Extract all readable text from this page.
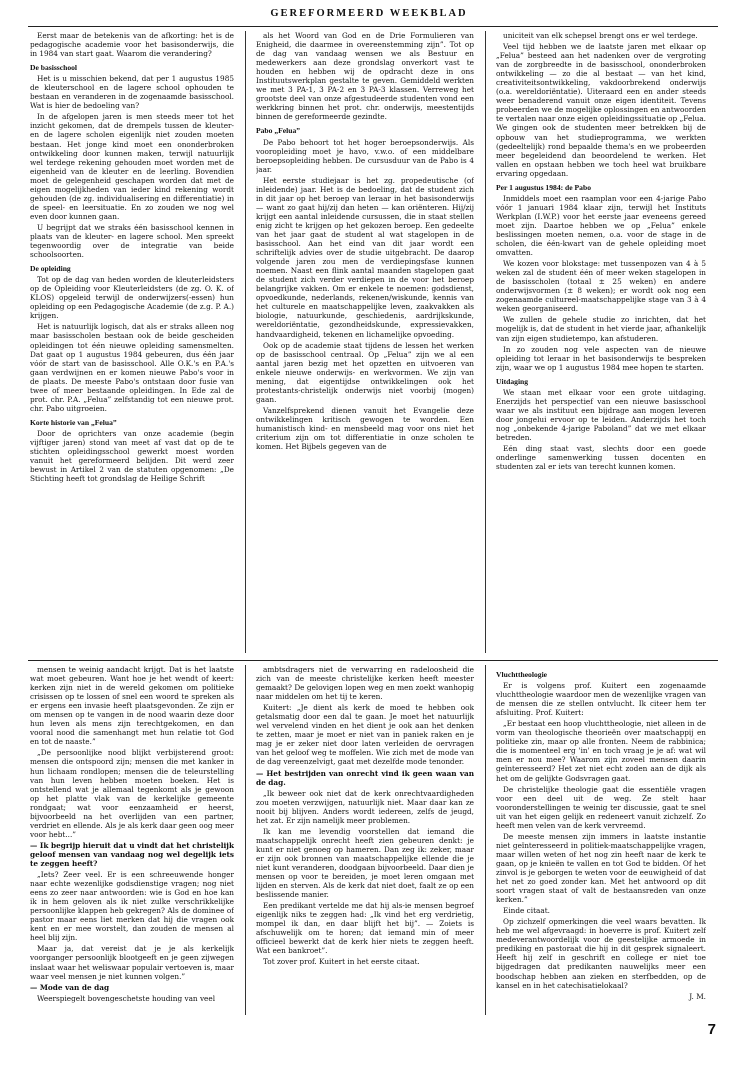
GEREFORMEERD WEEKBLAD

Eerst maar de betekenis van de afkorting: het is de pedagogische academie voor het basisonderwijs, die in 1984 van start gaat. Waarom die verandering?

De basisschool

Het is u misschien bekend, dat per 1 augustus 1985 de kleuterschool en de lagere school ophouden te bestaan en veranderen in de zogenaamde basisschool. Wat is hier de bedoeling van?

In de afgelopen jaren is men steeds meer tot het inzicht gekomen, dat de drempels tussen de kleuter- en de lagere scholen eigenlijk niet zouden moeten bestaan. Het jonge kind moet een ononderbroken ontwikkeling door kunnen maken, terwijl natuurlijk wel terdege rekening gehouden moet worden met de eigenheid van de kleuter en de leerling. Bovendien moet de gelegenheid geschapen worden dat met de eigen mogelijkheden van ieder kind rekening wordt gehouden (de zg. individualisering en differentiatie) in de speel- en leersituatie. En zo zouden we nog wel even door kunnen gaan.

U begrijpt dat we straks één basisschool kennen in plaats van de kleuter- en lagere school. Men spreekt tegenwoordig over de integratie van beide schoolsoorten.

De opleiding

Tot op de dag van heden worden de kleuterleidsters op de Opleiding voor Kleuterleidsters (de zg. O. K. of KLOS) opgeleid terwijl de onderwijzers(-essen) hun opleiding op een Pedagogische Academie (de z.g. P. A.) krijgen.

Het is natuurlijk logisch, dat als er straks alleen nog maar basisscholen bestaan ook de beide gescheiden opleidingen tot één nieuwe opleiding samensmelten. Dat gaat op 1 augustus 1984 gebeuren, dus één jaar vóór de start van de basisschool. Alle O.K.'s en P.A.'s gaan verdwijnen en er komen nieuwe Pabo's voor in de plaats. De meeste Pabo's ontstaan door fusie van twee of meer bestaande opleidingen. In Ede zal de prot. chr. P.A. „Felua” zelfstandig tot een nieuwe prot. chr. Pabo uitgroeien.

Korte historie van „Felua”

Door de oprichters van onze academie (begin vijftiger jaren) stond van meet af vast dat op de te stichten opleidingsschool gewerkt moest worden vanuit het gereformeerd belijden. Dit werd zeer bewust in Artikel 2 van de statuten opgenomen: „De Stichting heeft tot grondslag de Heilige Schrift

als het Woord van God en de Drie Formulieren van Enigheid, die daarmee in overeenstemming zijn”. Tot op de dag van vandaag wensen we als Bestuur en medewerkers aan deze grondslag onverkort vast te houden en hebben wij de opdracht deze in ons Instituutswerkplan gestalte te geven. Gemiddeld werkten we met 3 PA-1, 3 PA-2 en 3 PA-3 klassen. Verreweg het grootste deel van onze afgestudeerde studenten vond een werkkring binnen het prot. chr. onderwijs, meestentijds binnen de gereformeerde gezindte.

Pabo „Felua”

De Pabo behoort tot het hoger beroepsonderwijs. Als vooropleiding moet je havo, v.w.o. of een middelbare beroepsopleiding hebben. De cursusduur van de Pabo is 4 jaar.

Het eerste studiejaar is het zg. propedeutische (of inleidende) jaar. Het is de bedoeling, dat de student zich in dit jaar op het beroep van leraar in het basisonderwijs — want zo gaat hij/zij dan heten — kan oriënteren. Hij/zij krijgt een aantal inleidende cursussen, die in staat stellen enig zicht te krijgen op het gekozen beroep. Een gedeelte van het jaar gaat de student al wat stagelopen in de basisschool. Aan het eind van dit jaar wordt een schriftelijk advies over de studie uitgebracht. De daarop volgende jaren zou men de verdiepingsfase kunnen noemen. Naast een flink aantal maanden stagelopen gaat de student zich verder verdiepen in de voor het beroep belangrijke vakken. Om er enkele te noemen: godsdienst, opvoedkunde, nederlands, rekenen/wiskunde, kennis van het culturele en maatschappelijke leven, zaakvakken als biologie, natuurkunde, geschiedenis, aardrijkskunde, wereldoriëntatie, gezondheidskunde, expressievakken, handvaardigheid, tekenen en lichamelijke opvoeding.

Ook op de academie staat tijdens de lessen het werken op de basisschool centraal. Op „Felua” zijn we al een aantal jaren bezig met het opzetten en uitvoeren van enkele nieuwe onderwijs- en werkvormen. We zijn van mening, dat eigentijdse ontwikkelingen ook het protestants-christelijk onderwijs niet voorbij (mogen) gaan.

Vanzelfsprekend dienen vanuit het Evangelie deze ontwikkelingen kritisch gewogen te worden. Een humanistisch kind- en mensbeeld mag voor ons niet het criterium zijn om tot differentiatie in onze scholen te komen. Het Bijbels gegeven van de

uniciteit van elk schepsel brengt ons er wel terdege.

Veel tijd hebben we de laatste jaren met elkaar op „Felua” besteed aan het nadenken over de vergroting van de zorgbreedte in de basisschool, ononderbroken ontwikkeling — zo die al bestaat — van het kind, creativiteitsontwikkeling, vakdoorbrekend onderwijs (o.a. wereldoriëntatie). Uiteraard een en ander steeds weer benaderend vanuit onze eigen identiteit. Tevens probeerden we de mogelijke oplossingen en antwoorden te vertalen naar onze eigen opleidingssituatie op „Felua. We gingen ook de studenten meer betrekken bij de opbouw van het studieprogramma, we werkten (gedeeltelijk) rond bepaalde thema's en we probeerden meer begeleidend dan beoordelend te werken. Het vallen en opstaan hebben we toch heel wat bruikbare ervaring opgedaan.

Per 1 augustus 1984: de Pabo

Inmiddels moet een raamplan voor een 4-jarige Pabo vóór 1 januari 1984 klaar zijn, terwijl het Instituts Werkplan (I.W.P.) voor het eerste jaar eveneens gereed moet zijn. Daartoe hebben we op „Felua” enkele beslissingen moeten nemen, o.a. voor de stage in de scholen, die één-kwart van de gehele opleiding moet omvatten.

We kozen voor blokstage: met tussenpozen van 4 à 5 weken zal de student één of meer weken stagelopen in de basisscholen (totaal ± 25 weken) en andere onderwijsvormen (± 8 weken); er wordt ook nog een zogenaamde cultureel-maatschappelijke stage van 3 à 4 weken georganiseerd.

We zullen de gehele studie zo inrichten, dat het mogelijk is, dat de student in het vierde jaar, afhankelijk van zijn eigen studietempo, kan afstuderen.

In zo zouden nog vele aspecten van de nieuwe opleiding tot leraar in het basisonderwijs te bespreken zijn, waar we op 1 augustus 1984 mee hopen te starten.

Uitdaging

We staan met elkaar voor een grote uitdaging. Enerzijds het perspectief van een nieuwe basisschool waar we als instituut een bijdrage aan mogen leveren door jongelui ervoor op te leiden. Anderzijds het toch nog „onbekende 4-jarige Paboland” dat we met elkaar betreden.

Eén ding staat vast, slechts door een goede onderlinge samenwerking tussen docenten en studenten zal er iets van terecht kunnen komen.

mensen te weinig aandacht krijgt. Dat is het laatste wat moet gebeuren. Want hoe je het wendt of keert: kerken zijn niet in de wereld gekomen om politieke crisissen op te lossen of snel een woord te spreken als er ergens een invasie heeft plaatsgevonden. Ze zijn er om mensen op te vangen in de nood waarin deze door hun leven als mens zijn terechtgekomen, en dan vooral nood die samenhangt met hun relatie tot God en tot de naaste.”

„De persoonlijke nood blijkt verbijsterend groot: mensen die ontspoord zijn; mensen die met kanker in hun lichaam rondlopen; mensen die de teleurstelling van hun leven hebben moeten boeken. Het is ontstellend wat je allemaal tegenkomt als je gewoon op het platte vlak van de kerkelijke gemeente rondgaat; wat voor eenzaamheid er heerst, bijvoorbeeld na het overlijden van een partner, verdriet en ellende. Als je als kerk daar geen oog meer voor hebt...”

— Ik begrijp hieruit dat u vindt dat het christelijk geloof mensen van vandaag nog wel degelijk iets te zeggen heeft?

„Iets? Zeer veel. Er is een schreeuwende honger naar echte wezenlijke godsdienstige vragen; nog niet eens zo zeer naar antwoorden: wie is God en hoe kan ik in hem geloven als ik niet zulke verschrikkelijke persoonlijke klappen heb gekregen? Als de dominee of pastor maar eens liet merken dat hij die vragen ook kent en er mee worstelt, dan zouden de mensen al heel blij zijn.

Maar ja, dat vereist dat je je als kerkelijk voorganger persoonlijk blootgeeft en je geen zijwegen inslaat waar het weliswaar populair vertoeven is, maar waar veel mensen je niet kunnen volgen.”

— Mode van de dag

Weerspiegelt bovengeschetste houding van veel

ambtsdragers niet de verwarring en radeloosheid die zich van de meeste christelijke kerken heeft meester gemaakt? De gelovigen lopen weg en men zoekt wanhopig naar middelen om het tij te keren.

Kuitert: „Je dient als kerk de moed te hebben ook getalsmatig door een dal te gaan. Je moet het natuurlijk wel vervelend vinden en het dient je ook aan het denken te zetten, maar je moet er niet van in paniek raken en je mag je er zeker niet door laten verleiden de oervragen van het geloof weg te moffelen. Wie zich met de mode van de dag vereenzelvigt, gaat met dezelfde mode tenonder.

— Het bestrijden van onrecht vind ik geen waan van de dag.

„Ik beweer ook niet dat de kerk onrechtvaardigheden zou moeten verzwijgen, natuurlijk niet. Maar daar kan ze nooit bij blijven. Anders wordt iedereen, zelfs de jeugd, het zat. Er zijn namelijk meer problemen.

Ik kan me levendig voorstellen dat iemand die maatschappelijk onrecht heeft zien gebeuren denkt: je kunt er niet genoeg op hameren. Dan zeg ik: zeker, maar er zijn ook bronnen van maatschappelijke ellende die je niet kunt veranderen, doodgaan bijvoorbeeld. Daar dien je mensen op voor te bereiden, je moet leren omgaan met lijden en sterven. Als de kerk dat niet doet, faalt ze op een beslissende manier.

Een predikant vertelde me dat hij als-ie mensen begroef eigenlijk niks te zeggen had: „Ik vind het erg verdrietig, mompel ik dan, en daar blijft het bij”. — Zoiets is afschuwelijk om te horen; dat iemand min of meer officieel bewerkt dat de kerk hier niets te zeggen heeft. Wat een bankroet”.

Tot zover prof. Kuitert in het eerste citaat.

Vluchttheologie

Er is volgens prof. Kuitert een zogenaamde vluchttheologie waardoor men de wezenlijke vragen van de mensen die ze stellen ontvlucht. Ik citeer hem ter afsluiting. Prof. Kuitert:

„Er bestaat een hoop vluchttheologie, niet alleen in de vorm van theologische theorieën over maatschappij en politieke zin, maar op alle fronten. Neem de rabbinica; die is momenteel erg 'in' en toch vraag je je af: wat wil men er nou mee? Waarom zijn zoveel mensen daarin geïnteresseerd? Het zet niet echt zoden aan de dijk als het om de gelijkte Godsvragen gaat.

De christelijke theologie gaat die essentiële vragen voor een deel uit de weg. Ze stelt haar vooronderstellingen te weinig ter discussie, gaat te snel uit van het eigen gelijk en redeneert vanuit zichzelf. Zo heeft men velen van de kerk vervreemd.

De meeste mensen zijn immers in laatste instantie niet geïnteresseerd in politiek-maatschappelijke vragen, maar willen weten of het nog zin heeft naar de kerk te gaan, op je knieën te vallen en tot God te bidden. Of het zinvol is je geborgen te weten voor de eeuwigheid of dat het net zo goed zonder kan. Met het antwoord op dit soort vragen staat of valt de bestaansreden van onze kerken.”

Einde citaat.

Op zichzelf opmerkingen die veel waars bevatten. Ik heb me wel afgevraagd: in hoeverre is prof. Kuitert zelf medeverantwoordelijk voor de geestelijke armoede in prediking en pastoraat die hij in dit gesprek signaleert. Heeft hij zelf in geschrift en college er niet toe bijgedragen dat predikanten nauwelijks meer een boodschap hebben aan zieken en sterfbedden, op de kansel en in het catechisatielokaal?

J. M.

7
